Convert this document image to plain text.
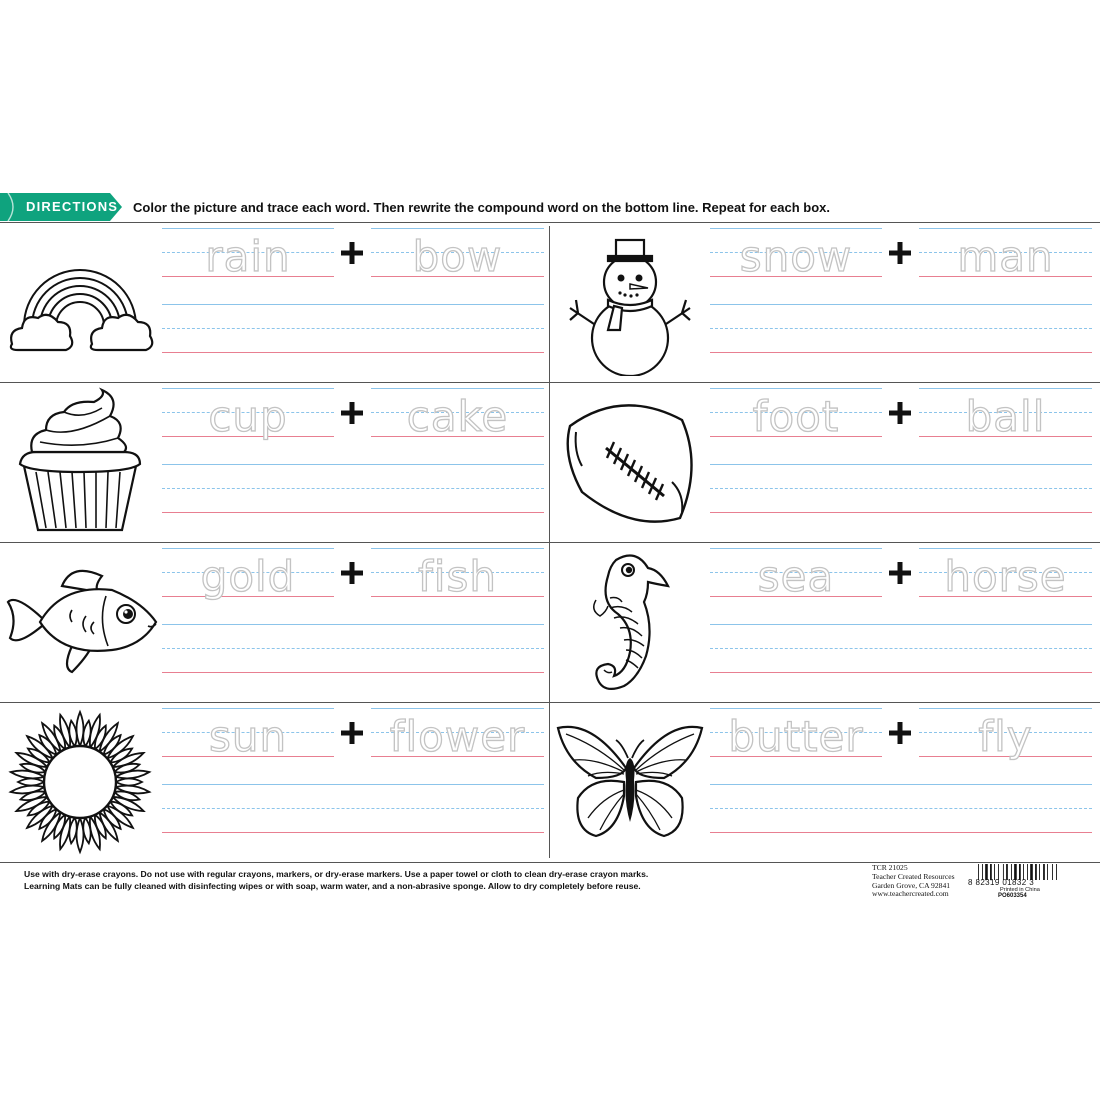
DIRECTIONS Color the picture and trace each word. Then rewrite the compound word on the bottom line. Repeat for each box.
rain	bow	snow	man
cup	cake	foot	ball
gold	fish	sea	horse
sun	flower	butter	fly
Use with dry-erase crayons. Do not use with regular crayons, markers, or dry-erase markers. Use a paper towel or cloth to clean dry-erase crayon marks.
Learning Mats can be fully cleaned with disinfecting wipes or with soap, warm water, and a non-abrasive sponge. Allow to dry completely before reuse.
TCR 21025
Teacher Created Resources
Garden Grove, CA 92841
www.teachercreated.com
8 82319 01832 3
Printed in China
PO603354
